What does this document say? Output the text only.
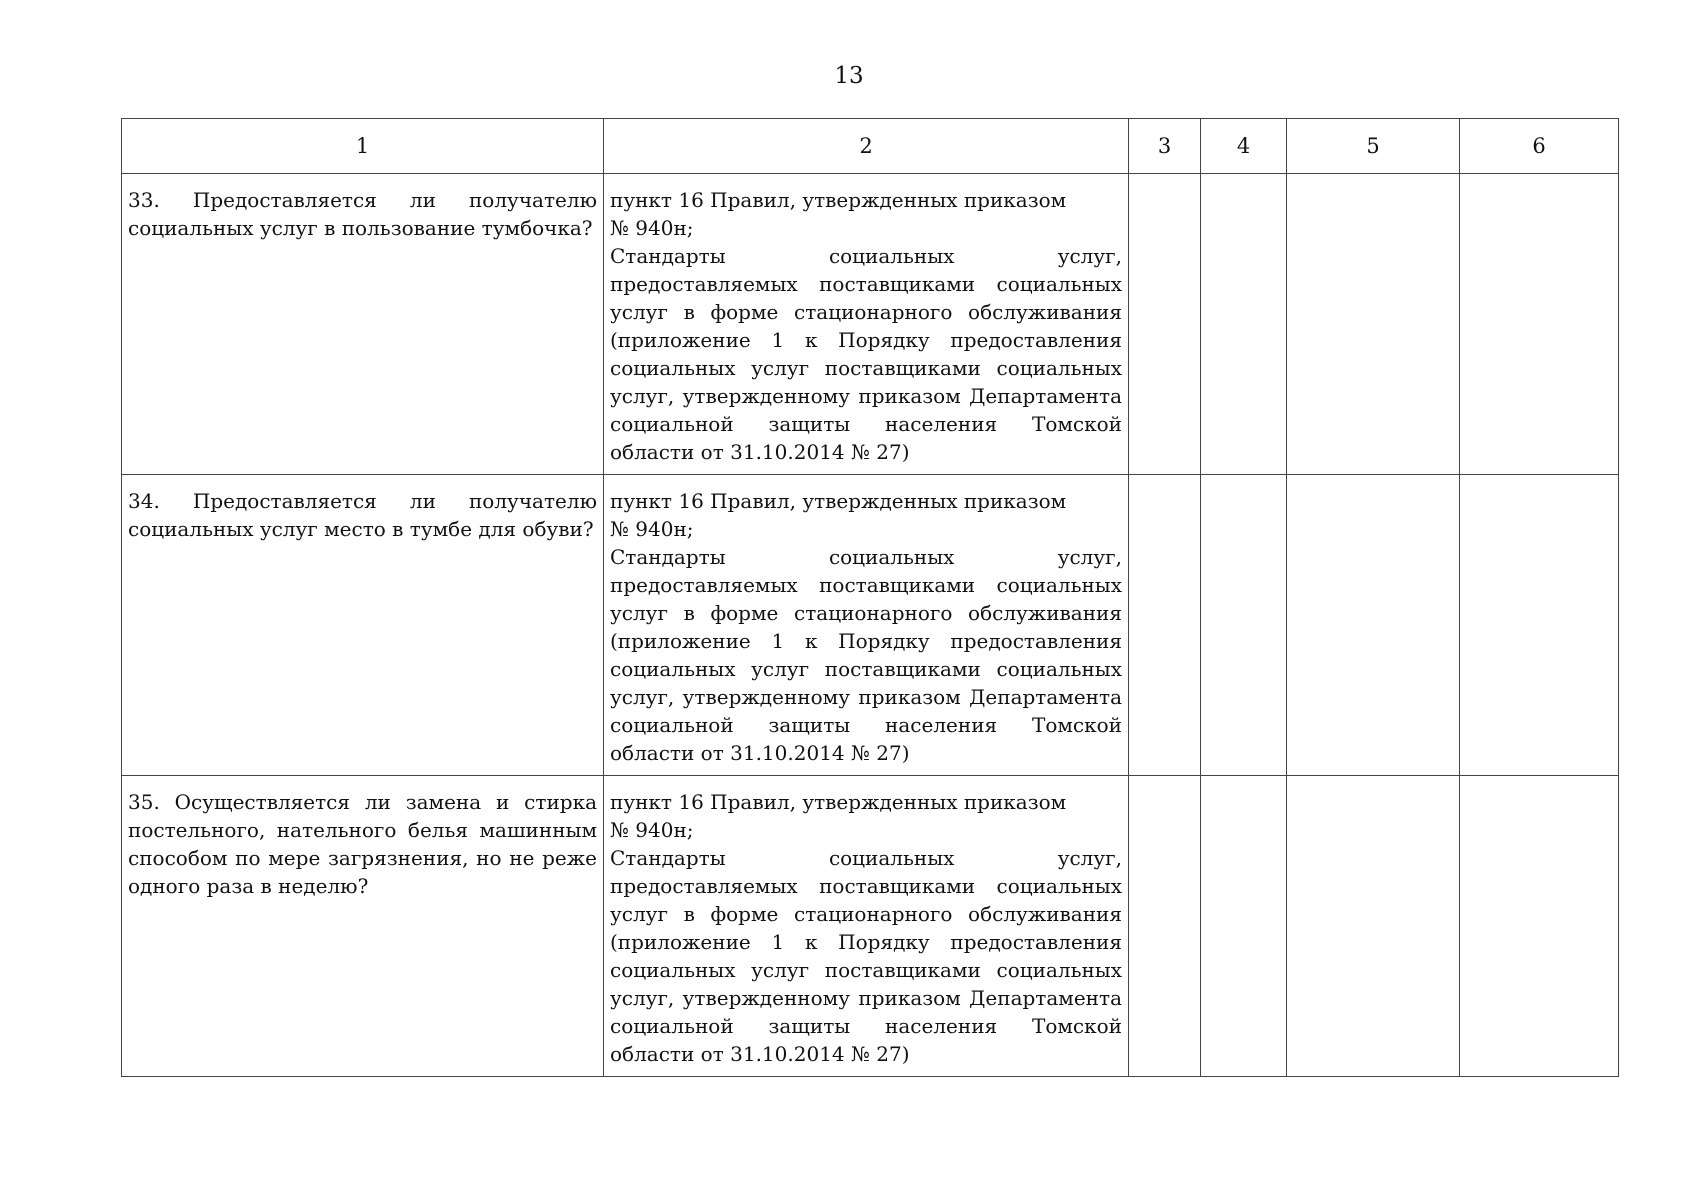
13
1	2	3	4	5	6

33. Предоставляется ли получателю социальных услуг в пользование тумбочка?	пункт 16 Правил, утвержденных приказом
№ 940н;
Стандарты социальных услуг, предоставляемых поставщиками социальных услуг в форме стационарного обслуживания (приложение 1 к Порядку предоставления социальных услуг поставщиками социальных услуг, утвержденному приказом Департамента социальной защиты населения Томской области от 31.10.2014 № 27)				

34. Предоставляется ли получателю социальных услуг место в тумбе для обуви?	пункт 16 Правил, утвержденных приказом
№ 940н;
Стандарты социальных услуг, предоставляемых поставщиками социальных услуг в форме стационарного обслуживания (приложение 1 к Порядку предоставления социальных услуг поставщиками социальных услуг, утвержденному приказом Департамента социальной защиты населения Томской области от 31.10.2014 № 27)				

35. Осуществляется ли замена и стирка постельного, нательного белья машинным способом по мере загрязнения, но не реже одного раза в неделю?	пункт 16 Правил, утвержденных приказом
№ 940н;
Стандарты социальных услуг, предоставляемых поставщиками социальных услуг в форме стационарного обслуживания (приложение 1 к Порядку предоставления социальных услуг поставщиками социальных услуг, утвержденному приказом Департамента социальной защиты населения Томской области от 31.10.2014 № 27)				
